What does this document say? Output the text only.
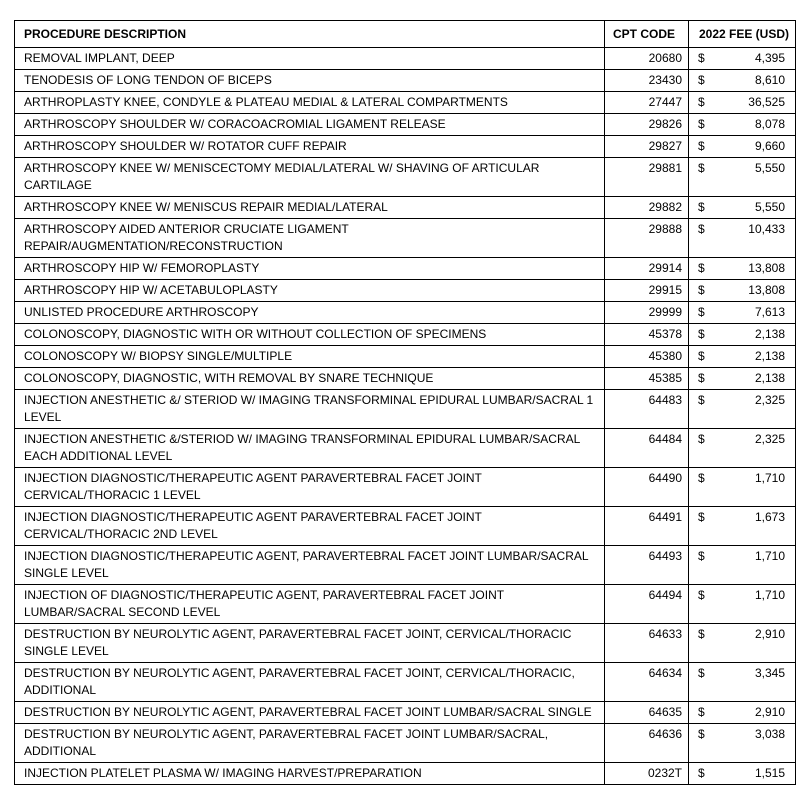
PROCEDURE DESCRIPTION	CPT CODE	2022 FEE (USD)
REMOVAL IMPLANT, DEEP	20680	$ 4,395

TENODESIS OF LONG TENDON OF BICEPS	23430	$ 8,610

ARTHROPLASTY KNEE, CONDYLE & PLATEAU MEDIAL & LATERAL COMPARTMENTS	27447	$ 36,525

ARTHROSCOPY SHOULDER W/ CORACOACROMIAL LIGAMENT RELEASE	29826	$ 8,078

ARTHROSCOPY SHOULDER W/ ROTATOR CUFF REPAIR	29827	$ 9,660

ARTHROSCOPY KNEE W/ MENISCECTOMY MEDIAL/LATERAL W/ SHAVING OF ARTICULAR CARTILAGE	29881	$ 5,550

ARTHROSCOPY KNEE W/ MENISCUS REPAIR MEDIAL/LATERAL	29882	$ 5,550

ARTHROSCOPY AIDED ANTERIOR CRUCIATE LIGAMENT REPAIR/AUGMENTATION/RECONSTRUCTION	29888	$ 10,433

ARTHROSCOPY HIP W/ FEMOROPLASTY	29914	$ 13,808

ARTHROSCOPY HIP W/ ACETABULOPLASTY	29915	$ 13,808

UNLISTED PROCEDURE ARTHROSCOPY	29999	$ 7,613

COLONOSCOPY, DIAGNOSTIC WITH OR WITHOUT COLLECTION OF SPECIMENS	45378	$ 2,138

COLONOSCOPY W/ BIOPSY SINGLE/MULTIPLE	45380	$ 2,138

COLONOSCOPY, DIAGNOSTIC, WITH REMOVAL BY SNARE TECHNIQUE	45385	$ 2,138

INJECTION ANESTHETIC &/ STERIOD W/ IMAGING TRANSFORMINAL EPIDURAL LUMBAR/SACRAL 1 LEVEL	64483	$ 2,325

INJECTION ANESTHETIC &/STERIOD W/ IMAGING TRANSFORMINAL EPIDURAL LUMBAR/SACRAL EACH ADDITIONAL LEVEL	64484	$ 2,325

INJECTION DIAGNOSTIC/THERAPEUTIC AGENT PARAVERTEBRAL FACET JOINT CERVICAL/THORACIC 1 LEVEL	64490	$ 1,710

INJECTION DIAGNOSTIC/THERAPEUTIC AGENT PARAVERTEBRAL FACET JOINT CERVICAL/THORACIC 2ND LEVEL	64491	$ 1,673

INJECTION DIAGNOSTIC/THERAPEUTIC AGENT, PARAVERTEBRAL FACET JOINT LUMBAR/SACRAL SINGLE LEVEL	64493	$ 1,710

INJECTION OF DIAGNOSTIC/THERAPEUTIC AGENT, PARAVERTEBRAL FACET JOINT LUMBAR/SACRAL SECOND LEVEL	64494	$ 1,710

DESTRUCTION BY NEUROLYTIC AGENT, PARAVERTEBRAL FACET JOINT, CERVICAL/THORACIC SINGLE LEVEL	64633	$ 2,910

DESTRUCTION BY NEUROLYTIC AGENT, PARAVERTEBRAL FACET JOINT, CERVICAL/THORACIC, ADDITIONAL	64634	$ 3,345

DESTRUCTION BY NEUROLYTIC AGENT, PARAVERTEBRAL FACET JOINT LUMBAR/SACRAL SINGLE	64635	$ 2,910

DESTRUCTION BY NEUROLYTIC AGENT, PARAVERTEBRAL FACET JOINT LUMBAR/SACRAL, ADDITIONAL	64636	$ 3,038

INJECTION PLATELET PLASMA W/ IMAGING HARVEST/PREPARATION	0232T	$ 1,515
